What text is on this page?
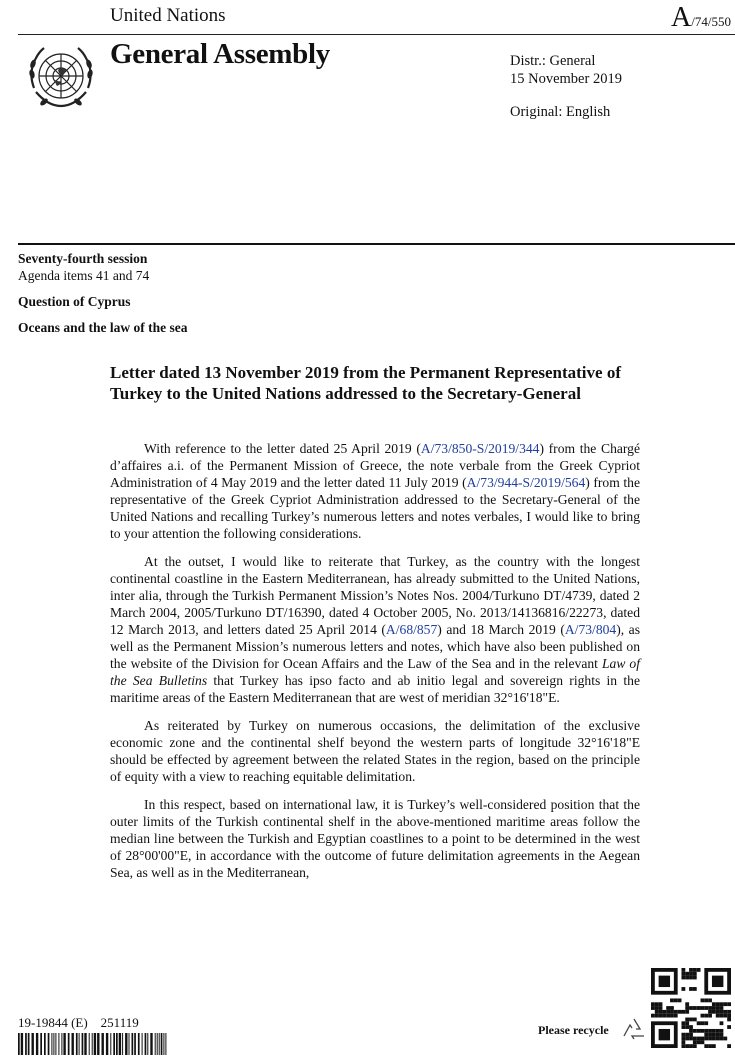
United Nations	A/74/550
General Assembly	Distr.: General
15 November 2019
Original: English
Seventy-fourth session
Agenda items 41 and 74
Question of Cyprus
Oceans and the law of the sea
Letter dated 13 November 2019 from the Permanent Representative of Turkey to the United Nations addressed to the Secretary-General

With reference to the letter dated 25 April 2019 (A/73/850-S/2019/344) from the Chargé d’affaires a.i. of the Permanent Mission of Greece, the note verbale from the Greek Cypriot Administration of 4 May 2019 and the letter dated 11 July 2019 (A/73/944-S/2019/564) from the representative of the Greek Cypriot Administration addressed to the Secretary-General of the United Nations and recalling Turkey’s numerous letters and notes verbales, I would like to bring to your attention the following considerations.

At the outset, I would like to reiterate that Turkey, as the country with the longest continental coastline in the Eastern Mediterranean, has already submitted to the United Nations, inter alia, through the Turkish Permanent Mission’s Notes Nos. 2004/Turkuno DT/4739, dated 2 March 2004, 2005/Turkuno DT/16390, dated 4 October 2005, No. 2013/14136816/22273, dated 12 March 2013, and letters dated 25 April 2014 (A/68/857) and 18 March 2019 (A/73/804), as well as the Permanent Mission’s numerous letters and notes, which have also been published on the website of the Division for Ocean Affairs and the Law of the Sea and in the relevant Law of the Sea Bulletins that Turkey has ipso facto and ab initio legal and sovereign rights in the maritime areas of the Eastern Mediterranean that are west of meridian 32°16'18"E.

As reiterated by Turkey on numerous occasions, the delimitation of the exclusive economic zone and the continental shelf beyond the western parts of longitude 32°16'18"E should be effected by agreement between the related States in the region, based on the principle of equity with a view to reaching equitable delimitation.

In this respect, based on international law, it is Turkey’s well-considered position that the outer limits of the Turkish continental shelf in the above-mentioned maritime areas follow the median line between the Turkish and Egyptian coastlines to a point to be determined in the west of 28°00'00"E, in accordance with the outcome of future delimitation agreements in the Aegean Sea, as well as in the Mediterranean,

19-19844 (E)    251119	Please recycle
